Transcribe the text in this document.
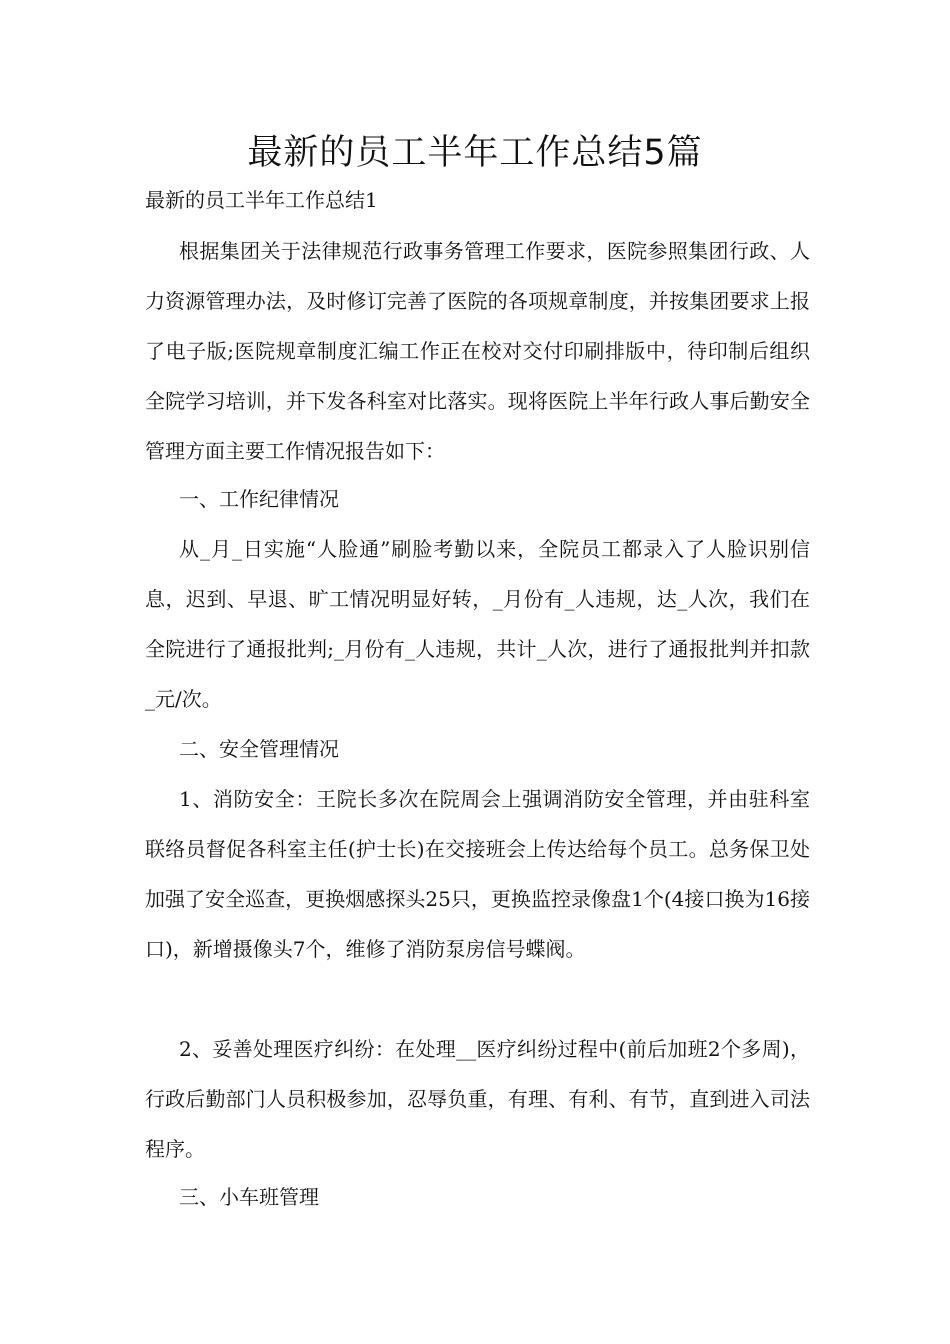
最新的员工半年工作总结5篇

最新的员工半年工作总结1

根据集团关于法律规范行政事务管理工作要求，医院参照集团行政、人力资源管理办法，及时修订完善了医院的各项规章制度，并按集团要求上报了电子版;医院规章制度汇编工作正在校对交付印刷排版中，待印制后组织全院学习培训，并下发各科室对比落实。现将医院上半年行政人事后勤安全管理方面主要工作情况报告如下：

一、工作纪律情况

从_月_日实施“人脸通”刷脸考勤以来，全院员工都录入了人脸识别信息，迟到、早退、旷工情况明显好转，_月份有_人违规，达_人次，我们在全院进行了通报批判;_月份有_人违规，共计_人次，进行了通报批判并扣款_元/次。

二、安全管理情况

1、消防安全：王院长多次在院周会上强调消防安全管理，并由驻科室联络员督促各科室主任(护士长)在交接班会上传达给每个员工。总务保卫处加强了安全巡查，更换烟感探头25只，更换监控录像盘1个(4接口换为16接口)，新增摄像头7个，维修了消防泵房信号蝶阀。

2、妥善处理医疗纠纷：在处理__医疗纠纷过程中(前后加班2个多周)，行政后勤部门人员积极参加，忍辱负重，有理、有利、有节，直到进入司法程序。

三、小车班管理
